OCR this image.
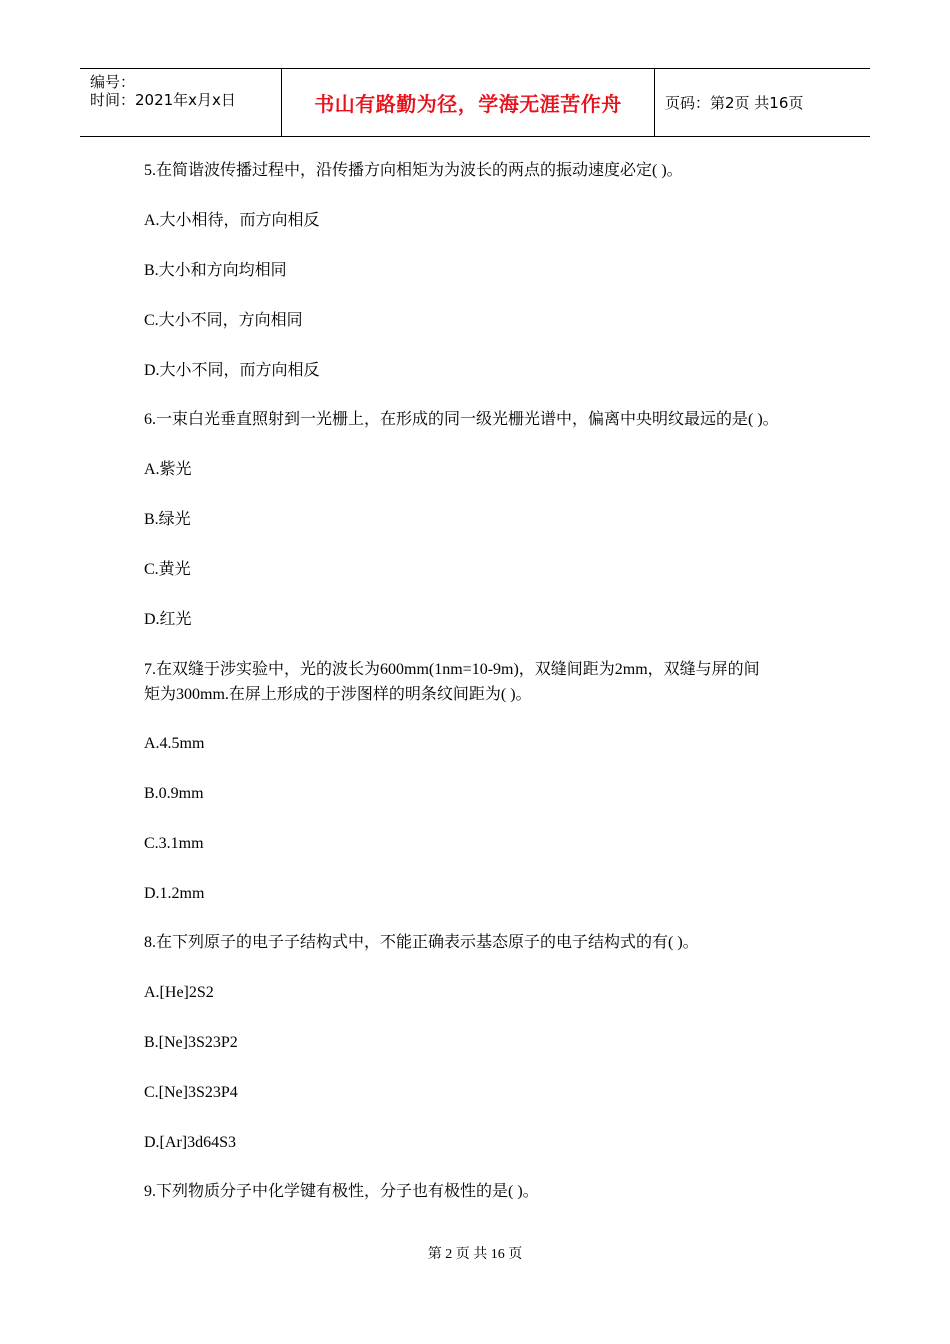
编号：
时间：2021年x月x日	书山有路勤为径，学海无涯苦作舟	页码：第2页 共16页
5.在简谐波传播过程中，沿传播方向相矩为为波长的两点的振动速度必定( )。
A.大小相待，而方向相反
B.大小和方向均相同
C.大小不同，方向相同
D.大小不同，而方向相反
6.一束白光垂直照射到一光栅上，在形成的同一级光栅光谱中，偏离中央明纹最远的是( )。
A.紫光
B.绿光
C.黄光
D.红光
7.在双缝于涉实验中，光的波长为600mm(1nm=10-9m)，双缝间距为2mm，双缝与屏的间
矩为300mm.在屏上形成的于涉图样的明条纹间距为( )。
A.4.5mm
B.0.9mm
C.3.1mm
D.1.2mm
8.在下列原子的电子子结构式中，不能正确表示基态原子的电子结构式的有( )。
A.[He]2S2
B.[Ne]3S23P2
C.[Ne]3S23P4
D.[Ar]3d64S3
9.下列物质分子中化学键有极性，分子也有极性的是( )。
第 2 页 共 16 页
